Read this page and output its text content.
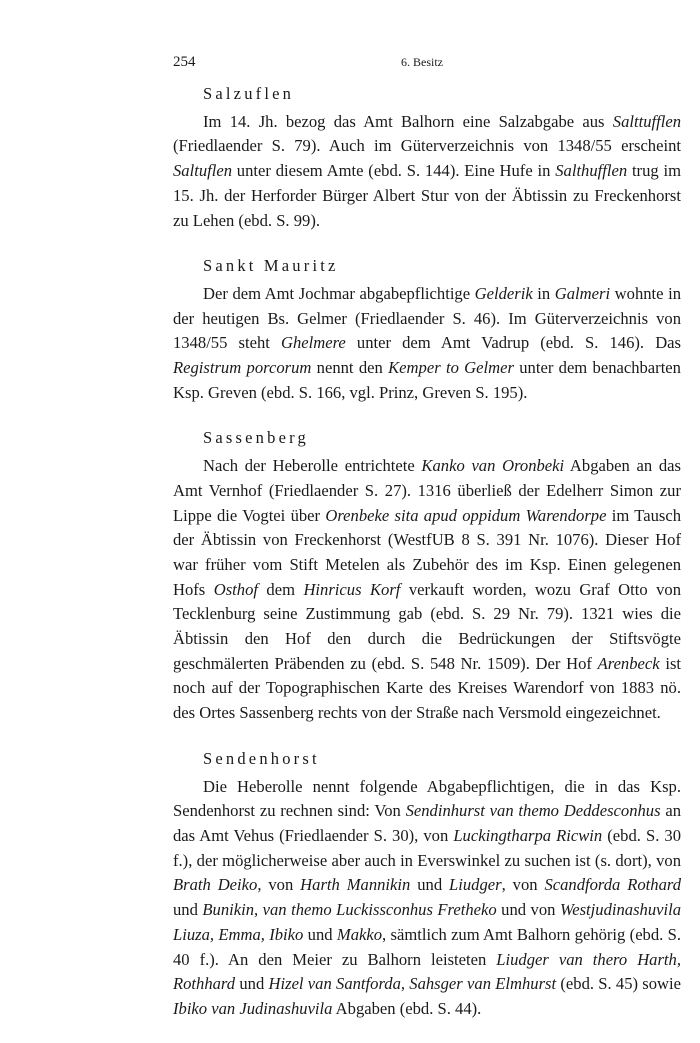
254	6. Besitz
Salzuflen

Im 14. Jh. bezog das Amt Balhorn eine Salzabgabe aus Salttufflen (Friedlaender S. 79). Auch im Güterverzeichnis von 1348/55 erscheint Saltuflen unter diesem Amte (ebd. S. 144). Eine Hufe in Salthufflen trug im 15. Jh. der Herforder Bürger Albert Stur von der Äbtissin zu Freckenhorst zu Lehen (ebd. S. 99).

Sankt Mauritz

Der dem Amt Jochmar abgabepflichtige Gelderik in Galmeri wohnte in der heutigen Bs. Gelmer (Friedlaender S. 46). Im Güterverzeichnis von 1348/55 steht Ghelmere unter dem Amt Vadrup (ebd. S. 146). Das Registrum porcorum nennt den Kemper to Gelmer unter dem benachbarten Ksp. Greven (ebd. S. 166, vgl. Prinz, Greven S. 195).

Sassenberg

Nach der Heberolle entrichtete Kanko van Oronbeki Abgaben an das Amt Vernhof (Friedlaender S. 27). 1316 überließ der Edelherr Simon zur Lippe die Vogtei über Orenbeke sita apud oppidum Warendorpe im Tausch der Äbtissin von Freckenhorst (WestfUB 8 S. 391 Nr. 1076). Dieser Hof war früher vom Stift Metelen als Zubehör des im Ksp. Einen gelegenen Hofs Osthof dem Hinricus Korf verkauft worden, wozu Graf Otto von Tecklenburg seine Zustimmung gab (ebd. S. 29 Nr. 79). 1321 wies die Äbtissin den Hof den durch die Bedrückungen der Stiftsvögte geschmälerten Präbenden zu (ebd. S. 548 Nr. 1509). Der Hof Arenbeck ist noch auf der Topographischen Karte des Kreises Warendorf von 1883 nö. des Ortes Sassenberg rechts von der Straße nach Versmold eingezeichnet.

Sendenhorst

Die Heberolle nennt folgende Abgabepflichtigen, die in das Ksp. Sendenhorst zu rechnen sind: Von Sendinhurst van themo Deddesconhus an das Amt Vehus (Friedlaender S. 30), von Luckingtharpa Ricwin (ebd. S. 30 f.), der möglicherweise aber auch in Everswinkel zu suchen ist (s. dort), von Brath Deiko, von Harth Mannikin und Liudger, von Scandforda Rothard und Bunikin, van themo Luckissconhus Fretheko und von Westjudinashuvila Liuza, Emma, Ibiko und Makko, sämtlich zum Amt Balhorn gehörig (ebd. S. 40 f.). An den Meier zu Balhorn leisteten Liudger van thero Harth, Rothhard und Hizel van Santforda, Sahsger van Elmhurst (ebd. S. 45) sowie Ibiko van Judinashuvila Abgaben (ebd. S. 44).
